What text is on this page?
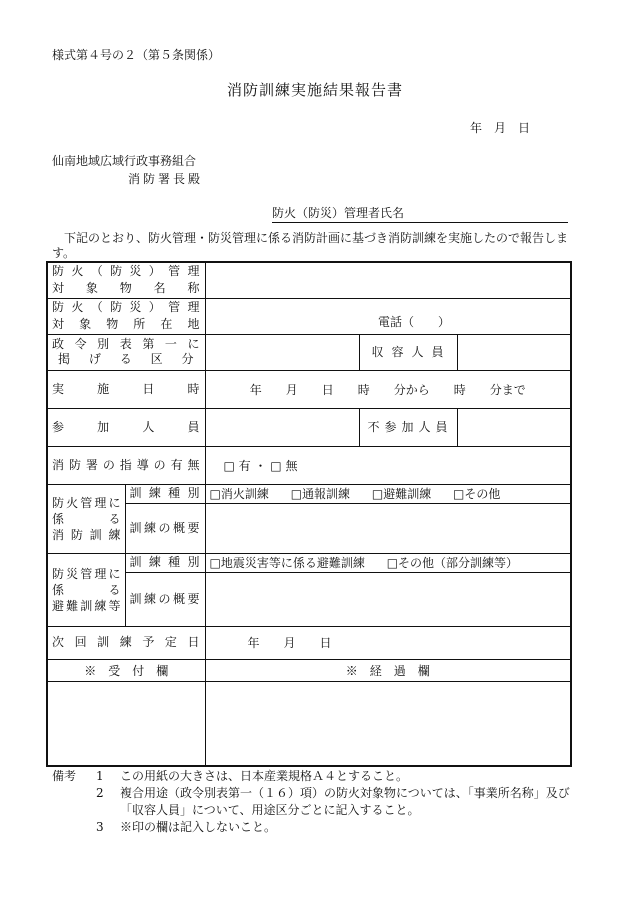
様式第４号の２（第５条関係）
消防訓練実施結果報告書
年　月　日
仙南地域広域行政事務組合
消防署長殿
防火（防災）管理者氏名
下記のとおり、防火管理・防災管理に係る消防計画に基づき消防訓練を実施したので報告します。
防火（防災）管理
対象物名称				

防火（防災）管理
対象物所在地		電話（　　）		

政令別表第一に
掲げる区分			収容人員	
実施日時		年　　月　　日　　時　　分から　　時　　分まで		
参加人員			不参加人員	
消防署の指導の有無		□ 有 ・ □ 無		

防火管理に
係る
消防訓練	訓練種別	□消火訓練 □通報訓練 □避難訓練 □その他		
	訓練の概要			

防災管理に
係る
避難訓練等	訓練種別	□地震災害等に係る避難訓練 □その他（部分訓練等）		
	訓練の概要			
次回訓練予定日		年　　月　　日		
※　受　付　欄		※　経　過　欄		

備考	1	この用紙の大きさは、日本産業規格Ａ４とすること。
2	複合用途（政令別表第一（１６）項）の防火対象物については、「事業所名称」及び「収容人員」について、用途区分ごとに記入すること。
3	※印の欄は記入しないこと。
